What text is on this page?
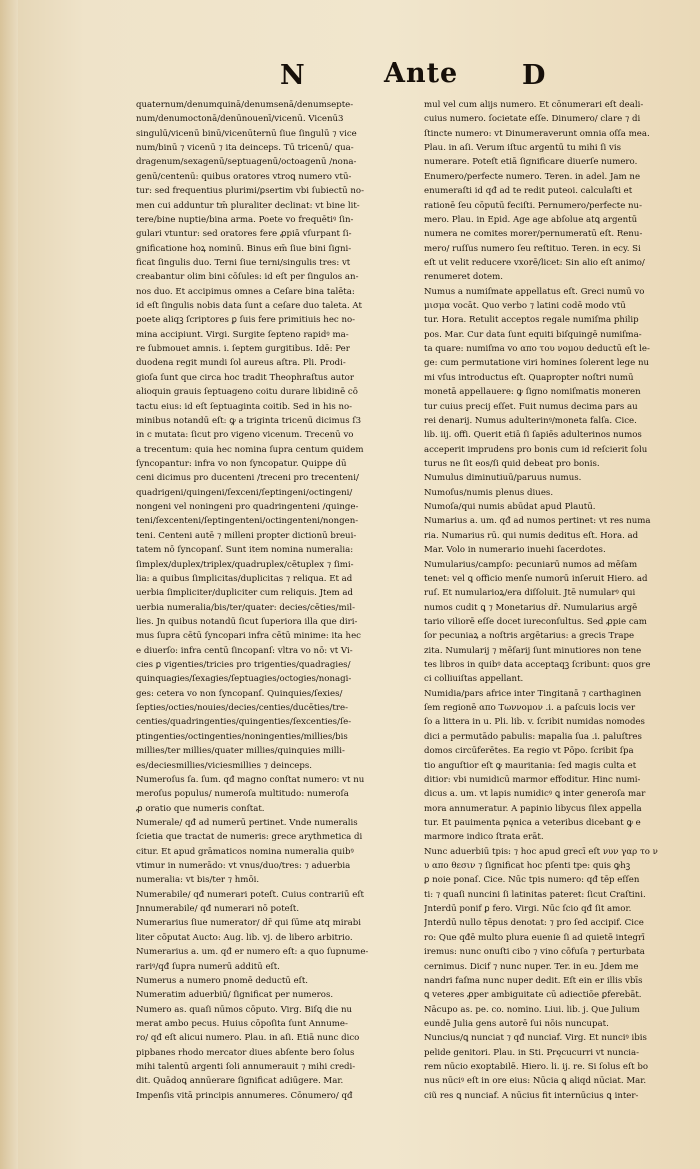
N	Ante D

quaternum/denumquinā/denumsenā/denumsepte-

num/denumoctonā/denūnouenī/vicenū. Vicenū3

singulū/vicenū binū/vicenūternū ſiue ſingulū ⁊ vice

num/binū ⁊ vicenū ⁊ ita deinceps. Tū tricenū/ qua-

dragenum/sexagenū/septuagenū/octoagenū /nona-

genū/centenū: quibus oratores vtroꝗ numero vtū-

tur: sed frequentius plurimi/ꝑsertim vbi ſubiectū no-

men cui adduntur tm̄ pluraliter declinat: vt bine lit-

tere/bine nuptie/bina arma. Poete vo frequētiꝰ ſin-

gulari vtuntur: sed oratores fere ꝓpiā vſurpant ſi-

gnificatione hoꝝ nominū. Binus em̄ ſiue bini ſigni-

ficat ſingulis duo. Terni ſiue terni/singulis tres: vt

creabantur olim bini cōſules: id eſt per ſingulos an-

nos duo. Et accipimus omnes a Ceſare bina talēta:

id eſt ſingulis nobis data ſunt a ceſare duo taleta. At

poete aliqꝫ ſcriptores ꝑ ſuis fere primitiuis hec no-

mina accipiunt. Virgi. Surgite ſepteno rapidꝰ ma-

re ſubmouet amnis. i. ſeptem gurgitibus. Idē: Per

duodena regit mundi ſol aureus aſtra. Pli. Prodi-

gioſa ſunt que circa hoc tradit Theophraſtus autor

alioquin grauis ſeptuageno coitu durare libidinē cō

tactu eius: id eſt ſeptuaginta coitib. Sed in his no-

minibus notandū eſt: ꝙ a triginta tricenū dicimus ſ3

in c mutata: ſicut pro vigeno vicenum. Trecenū vo

a trecentum: quia hec nomina ſupra centum quidem

ſyncopantur: infra vo non ſyncopatur. Quippe dū

ceni dicimus pro ducenteni /treceni pro trecenteni/

quadrigeni/quingeni/ſexceni/ſeptingeni/octingeni/

nongeni vel noningeni pro quadringenteni /quinge-

teni/ſexcenteni/ſeptingenteni/octingenteni/nongen-

teni. Centeni autē ⁊ milleni propter dictionū breui-

tatem nō ſyncopanſ. Sunt item nomina numeralia:

ſimplex/duplex/triplex/quadruplex/cētuplex ⁊ ſimi-

lia: a quibus ſimplicitas/duplicitas ⁊ reliqua. Et ad

uerbia ſimpliciter/dupliciter cum reliquis. Jtem ad

uerbia numeralia/bis/ter/quater: decies/cēties/mil-

lies. Jn quibus notandū ſicut ſuperiora illa que diri-

mus ſupra cētū ſyncopari infra cētū minime: ita hec

e diuerſo: infra centū ſincopanſ: vltra vo nō: vt Vi-

cies ꝑ vigenties/tricies pro trigenties/quadragies/

quinquagies/ſexagies/ſeptuagies/octogies/nonagi-

ges: cetera vo non ſyncopanſ. Quinquies/ſexies/

ſepties/octies/nouies/decies/centies/ducēties/tre-

centies/quadringenties/quingenties/ſexcenties/ſe-

ptingenties/octingenties/noningenties/millies/bis

millies/ter millies/quater millies/quinquies milli-

es/deciesmillies/viciesmillies ⁊ deinceps.

Numeroſus ſa. ſum. qđ magno conſtat numero: vt nu

meroſus populus/ numeroſa multitudo: numeroſa

ꝓ oratio que numeris conſtat.

Numerale/ qđ ad numerū pertinet. Vnde numeralis

ſcietia que tractat de numeris: grece arythmetica di

citur. Et apud grāmaticos nomina numeralia quibꝰ

vtimur in numerādo: vt vnus/duo/tres: ⁊ aduerbia

numeralia: vt bis/ter ⁊ hmōi.

Numerabile/ qđ numerari poteſt. Cuius contrariū eſt

Jnnumerabile/ qđ numerari nō poteſt.

Numerarius ſiue numerator/ dr̄ qui ſūme atq mirabi

liter cōputat Aucto: Aug. lib. vj. de libero arbitrio.

Numerarius a. um. qđ er numero eſt: a quo ſupnume-

rariꝰ/qđ ſupra numerū additū eſt.

Numerus a numero pnomē deductū eſt.

Numeratim aduerbiū/ ſignificat per numeros.

Numero as. quaſi nūmos cōputo. Virg. Biſꝗ die nu

merat ambo pecus. Huius cōpoſita ſunt Annume-

ro/ qđ eſt alicui numero. Plau. in aſi. Etiā nunc dico

pipbanes rhodo mercator diues abſente bero ſolus

mihi talentū argenti ſoli annumerauit ⁊ mihi credi-

dit. Quādoꝗ annūerare ſignificat adiūgere. Mar.

Impenſis vitā principis annumeres. Cōnumero/ qđ

mul vel cum alijs numero. Et cōnumerari eſt deali-

cuius numero. ſocietate eſſe. Dinumero/ clare ⁊ di

ſtincte numero: vt Dinumeraverunt omnia oſſa mea.

Plau. in aſi. Verum iſtuc argentū tu mihi ſi vis

numerare. Poteſt etiā ſignificare diuerſe numero.

Enumero/perfecte numero. Teren. in adel. Jam ne

enumeraſti id qđ ad te redit puteoi. calculaſti et

rationē ſeu cōputū feciſti. Pernumero/perfecte nu-

mero. Plau. in Epid. Age age abſolue atꝗ argentū

numera ne comites morer/pernumeratū eſt. Renu-

mero/ ruſſus numero ſeu reſtituo. Teren. in ecy. Si

eſt ut velit reducere vxorē/licet: Sin alio eſt animo/

renumeret dotem.

Numus a numiſmate appellatus eſt. Greci numū vo

μισμα vocāt. Quo verbo ⁊ latini codē modo vtū

tur. Hora. Retulit acceptos regale numiſma philip

pos. Mar. Cur data ſunt equiti biſquingē numiſma-

ta quare: numiſma vo απο του νομου deductū eſt le-

ge: cum permutatione viri homines ſolerent lege nu

mi vſus introductus eſt. Quapropter noſtri numū

monetā appellauere: ꝙ ſigno nomiſmatis moneren

tur cuius precij eſſet. Fuit numus decima pars au

rei denarij. Numus adulterinꝰ/moneta falſa. Cice.

lib. iij. offi. Querit etiā ſi ſapiēs adulterinos numos

acceperit imprudens pro bonis cum id reſcierit ſolu

turus ne ſit eos/ſi quid debeat pro bonis.

Numulus diminutiuū/paruus numus.

Numoſus/numis plenus diues.

Numoſa/qui numis abūdat apud Plautū.

Numarius a. um. qđ ad numos pertinet: vt res numa

ria. Numarius rū. qui numis deditus eſt. Hora. ad

Mar. Volo in numerario inuehi ſacerdotes.

Numularius/campſo: pecuniarū numos ad mēſam

tenet: vel ꝗ officio menſe numorū inſeruit Hiero. ad

ruſ. Et numularioꝝ/era diſſoluit. Jtē numularꝰ qui

numos cudit ꝗ ⁊ Monetarius dr̄. Numularius argē

tario viliorē eſſe docet iureconſultus. Sed ꝓpie cam

ſor pecuniaꝝ a noſtris argētarius: a grecis Trape

zita. Numularij ⁊ mēſarij ſunt minutiores non tene

tes libros in quibꝰ data acceptaqꝫ ſcribunt: quos gre

ci colliuiſtas appellant.

Numidia/pars africe inter Tingitanā ⁊ carthaginen

ſem regionē απο Τωννομον .i. a paſcuis locis ver

ſo a littera in u. Pli. lib. v. ſcribit numidas nomodes

dici a permutādo pabulis: mapalia ſua .i. paluſtres

domos circūferētes. Ea regio vt Pōpo. ſcribit ſpa

tio anguſtior eſt ꝙ mauritania: ſed magis culta et

ditior: vbi numidicū marmor effoditur. Hinc numi-

dicus a. um. vt lapis numidicꝰ ꝗ inter generoſa mar

mora annumeratur. A papinio libycus ſilex appella

tur. Et pauimenta pęnica a veteribus dicebant ꝙ e

marmore indico ſtrata erāt.

Nunc aduerbiū tpis: ⁊ hoc apud grecī eſt νυν γαρ το ν

υ απο θεσιν ⁊ ſignificat hoc pſenti tpe: quis ꝙhꝫ

ꝑ noie ponaſ. Cice. Nūc tpis numero: qđ tēp eſſen

ti: ⁊ quaſi nuncini ſi latinitas pateret: ſicut Craſtini.

Jnterdū ponif ꝑ fero. Virgi. Nūc ſcio qđ ſit amor.

Jnterdū nullo tēpus denotat: ⁊ pro ſed accipif. Cice

ro: Que qđē multo plura euenie ſi ad quietē integrī

iremus: nunc onuſti cibo ⁊ vino cōfuſa ⁊ perturbata

cernimus. Dicif ⁊ nunc nuper. Ter. in eu. Jdem me

nandri faſma nunc nuper dedit. Eſt ein er illis vbīs

ꝗ veteres ꝓper ambiguitate cū adiectiōe ꝑferebāt.

Nācupo as. pe. co. nomino. Liui. lib. j. Que Julium

eundē Julia gens autorē ſui nōis nuncupat.

Nuncius/ꝗ nunciat ⁊ qđ nunciaf. Virg. Et nunciꝰ ibis

pelide genitori. Plau. in Sti. Pręcucurri vt nuncia-

rem nūcio exoptabilē. Hiero. li. ij. re. Si ſolus eſt bo

nus nūciꝰ eſt in ore eius: Nūcia ꝗ aliqd nūciat. Mar.

ciũ res ꝗ nunciaf. A nūcius fit internūcius ꝗ inter-
